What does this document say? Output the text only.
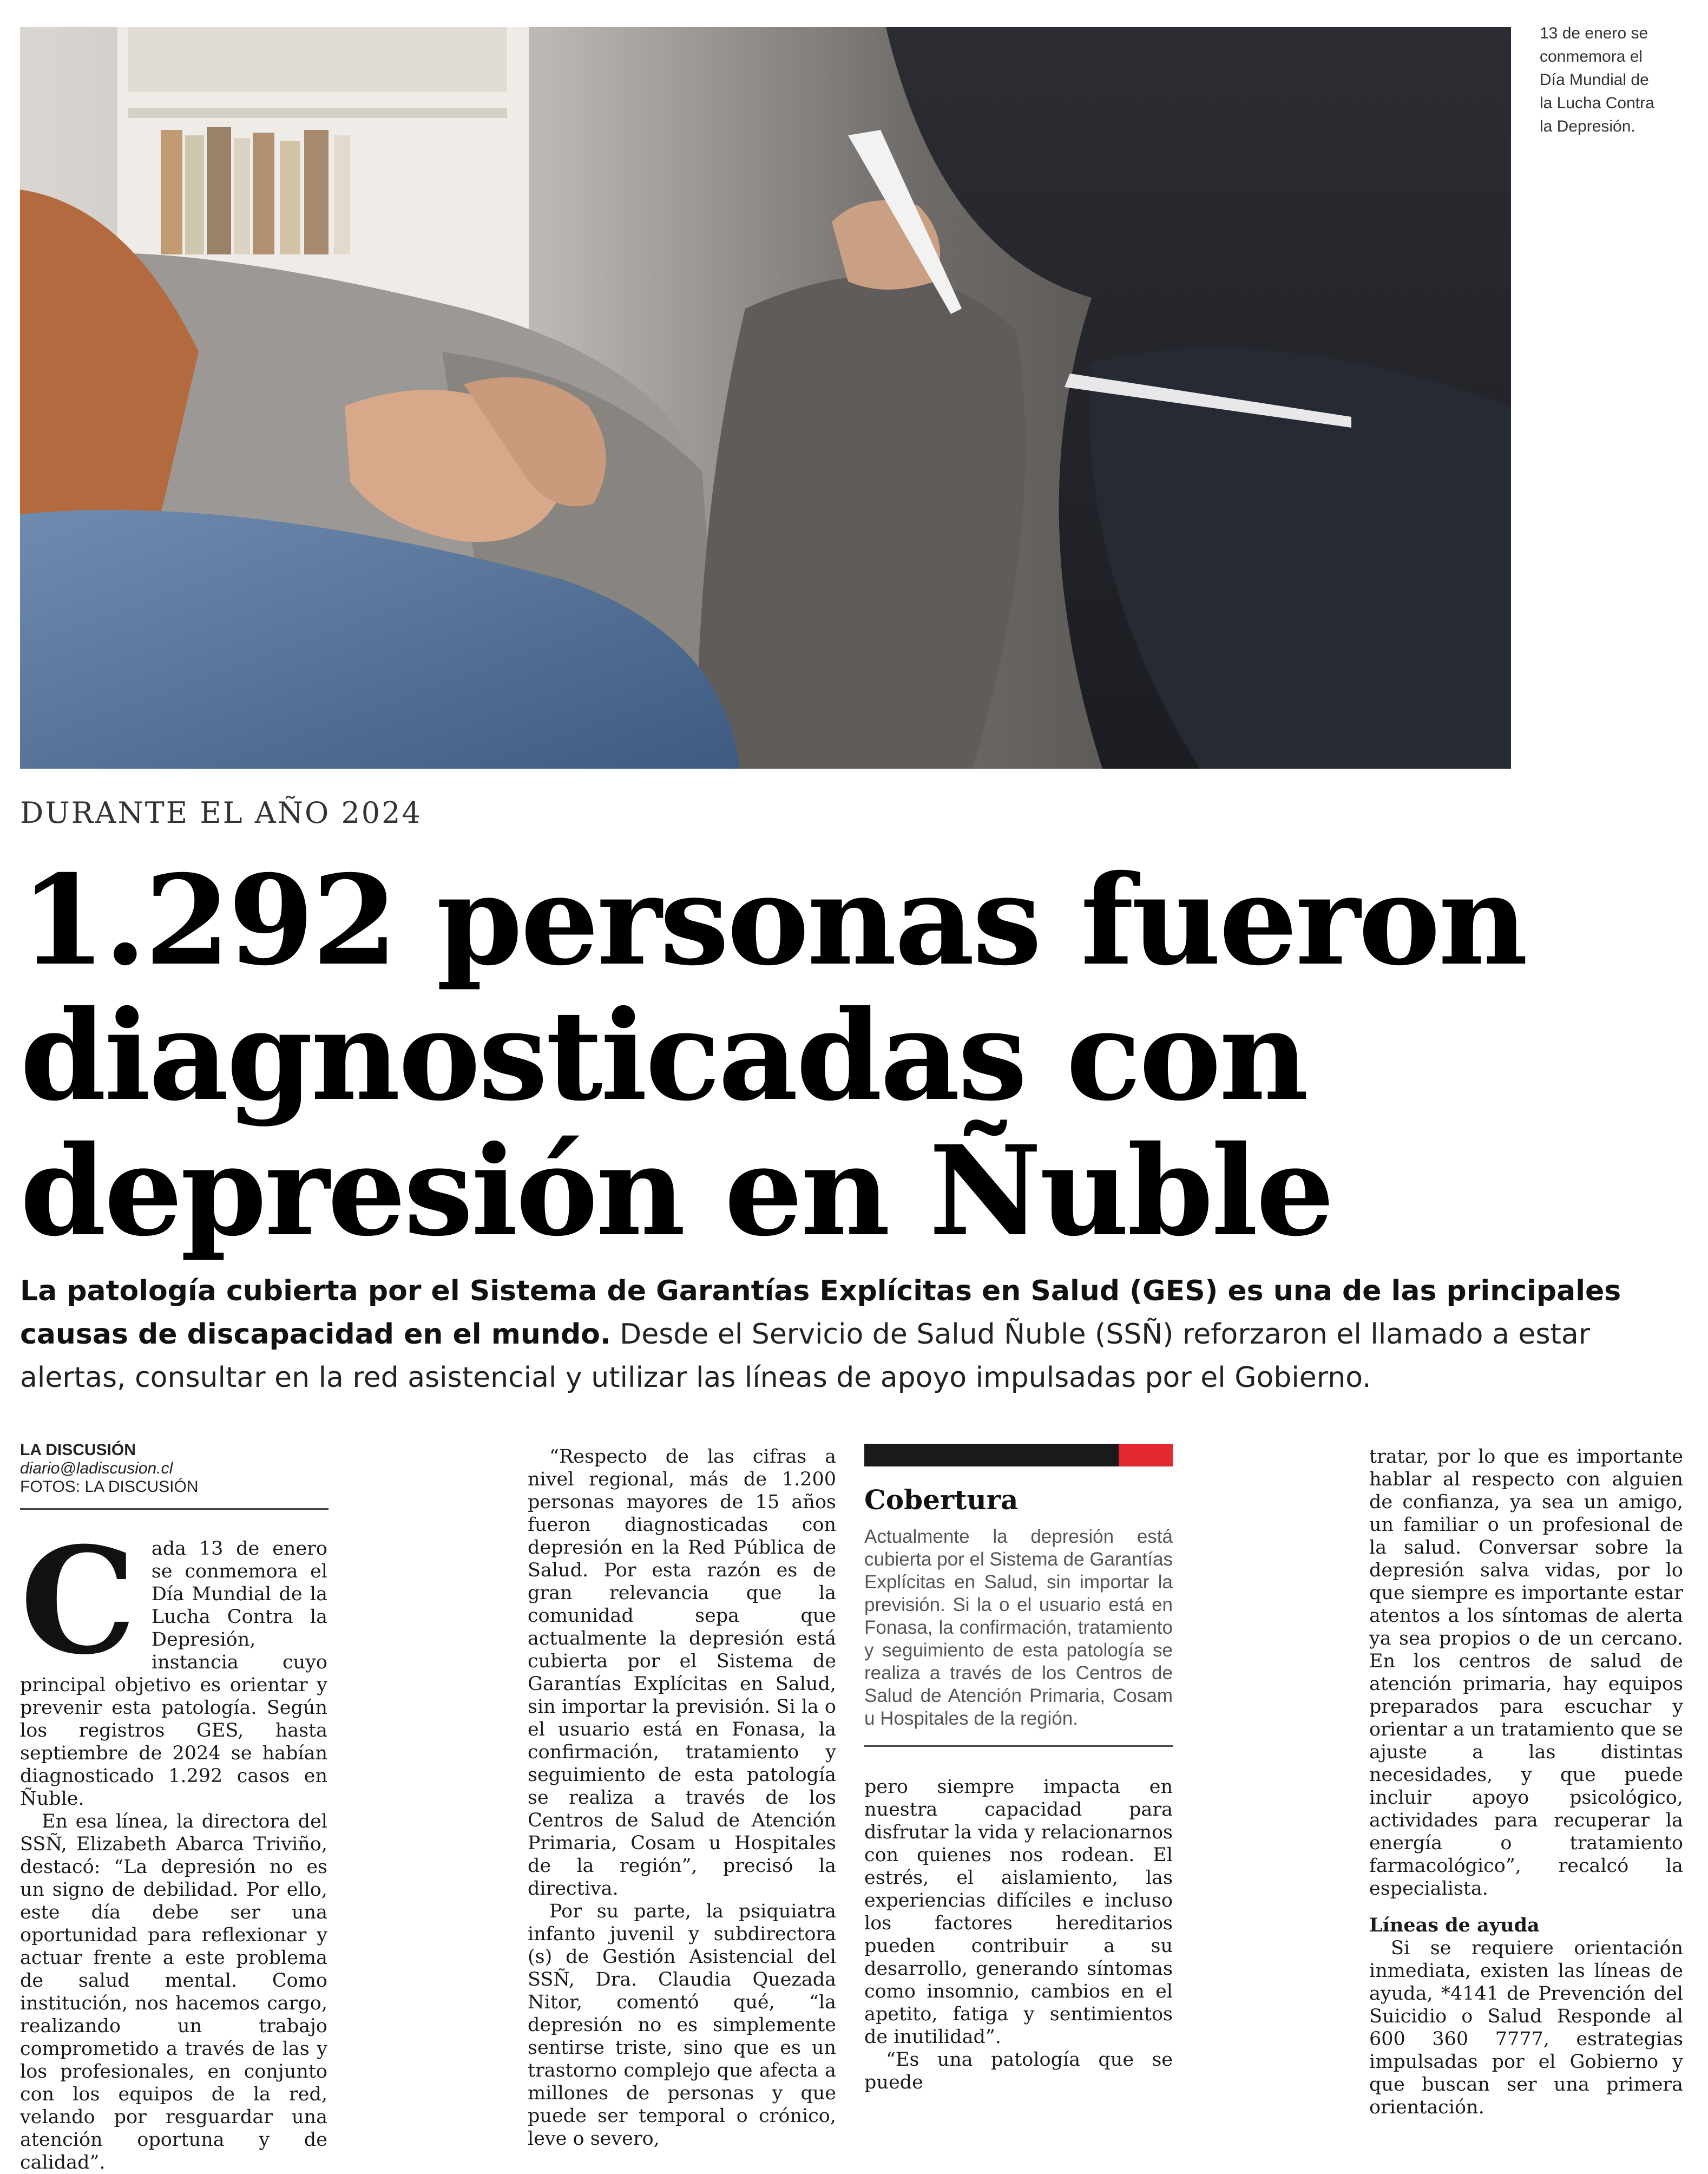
13 de enero se
conmemora el
Día Mundial de
la Lucha Contra
la Depresión.
DURANTE EL AÑO 2024
1.292 personas fueron
diagnosticadas con
depresión en Ñuble
La patología cubierta por el Sistema de Garantías Explícitas en Salud (GES) es una de las principales causas de discapacidad en el mundo. Desde el Servicio de Salud Ñuble (SSÑ) reforzaron el llamado a estar alertas, consultar en la red asistencial y utilizar las líneas de apoyo impulsadas por el Gobierno.
LA DISCUSIÓN
diario@ladiscusion.cl
FOTOS: LA DISCUSIÓN
C ada 13 de enero se conmemora el Día Mundial de la Lucha Contra la Depresión, instancia cuyo principal objetivo es orientar y prevenir esta patología. Según los registros GES, hasta septiembre de 2024 se habían diagnosticado 1.292 casos en Ñuble.

En esa línea, la directora del SSÑ, Elizabeth Abarca Triviño, destacó: “La depresión no es un signo de debilidad. Por ello, este día debe ser una oportunidad para reflexionar y actuar frente a este problema de salud mental. Como institución, nos hacemos cargo, realizando un trabajo comprometido a través de las y los profesionales, en conjunto con los equipos de la red, velando por resguardar una atención oportuna y de calidad”.

“Respecto de las cifras a nivel regional, más de 1.200 personas mayores de 15 años fueron diagnosticadas con depresión en la Red Pública de Salud. Por esta razón es de gran relevancia que la comunidad sepa que actualmente la depresión está cubierta por el Sistema de Garantías Explícitas en Salud, sin importar la previsión. Si la o el usuario está en Fonasa, la confirmación, tratamiento y seguimiento de esta patología se realiza a través de los Centros de Salud de Atención Primaria, Cosam u Hospitales de la región”, precisó la directiva.

Por su parte, la psiquiatra infanto juvenil y subdirectora (s) de Gestión Asistencial del SSÑ, Dra. Claudia Quezada Nitor, comentó qué, “la depresión no es simplemente sentirse triste, sino que es un trastorno complejo que afecta a millones de personas y que puede ser temporal o crónico, leve o severo,

Cobertura
Actualmente la depresión está cubierta por el Sistema de Garantías Explícitas en Salud, sin importar la previsión. Si la o el usuario está en Fonasa, la confirmación, tratamiento y seguimiento de esta patología se realiza a través de los Centros de Salud de Atención Primaria, Cosam u Hospitales de la región.

pero siempre impacta en nuestra capacidad para disfrutar la vida y relacionarnos con quienes nos rodean. El estrés, el aislamiento, las experiencias difíciles e incluso los factores hereditarios pueden contribuir a su desarrollo, generando síntomas como insomnio, cambios en el apetito, fatiga y sentimientos de inutilidad”.

“Es una patología que se puede

tratar, por lo que es importante hablar al respecto con alguien de confianza, ya sea un amigo, un familiar o un profesional de la salud. Conversar sobre la depresión salva vidas, por lo que siempre es importante estar atentos a los síntomas de alerta ya sea propios o de un cercano. En los centros de salud de atención primaria, hay equipos preparados para escuchar y orientar a un tratamiento que se ajuste a las distintas necesidades, y que puede incluir apoyo psicológico, actividades para recuperar la energía o tratamiento farmacológico”, recalcó la especialista.

Líneas de ayuda

Si se requiere orientación inmediata, existen las líneas de ayuda, *4141 de Prevención del Suicidio o Salud Responde al 600 360 7777, estrategias impulsadas por el Gobierno y que buscan ser una primera orientación.
